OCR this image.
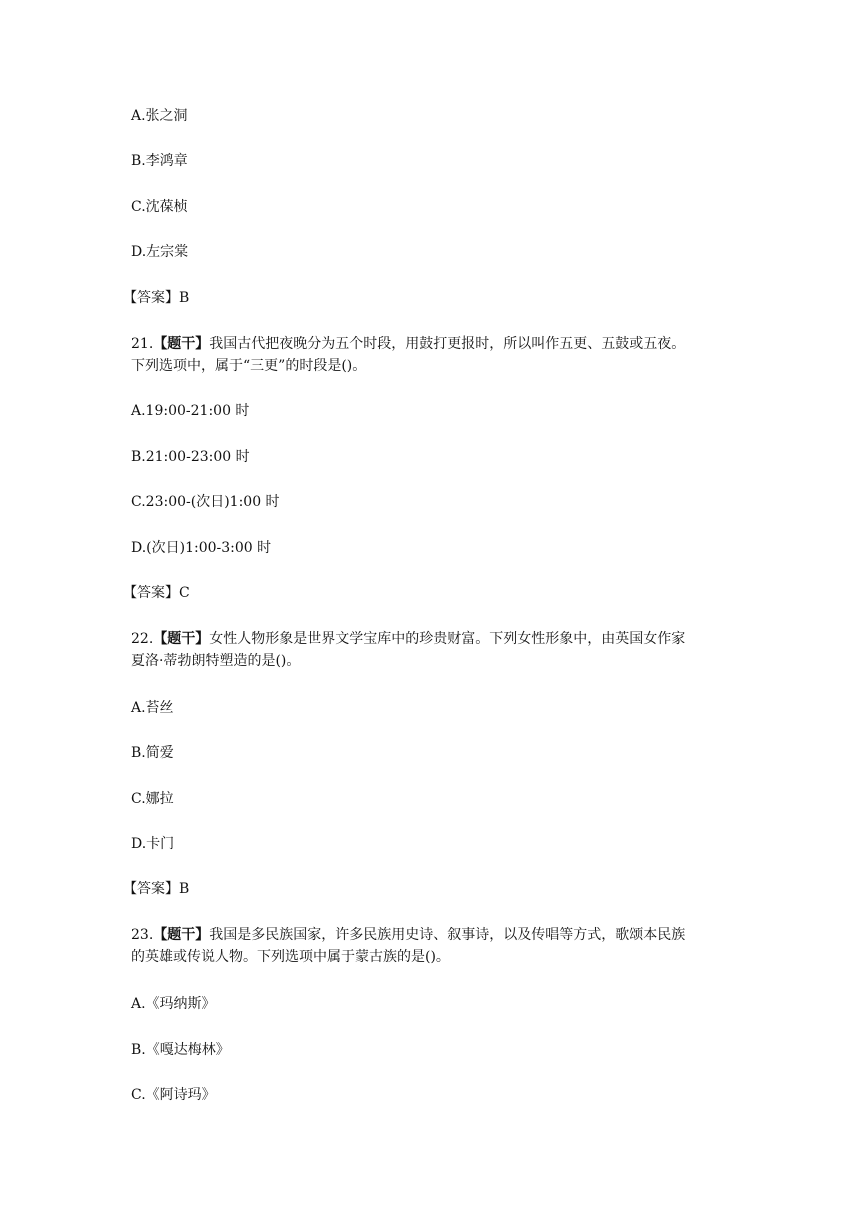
A.张之洞
B.李鸿章
C.沈葆桢
D.左宗棠
【答案】B
21.【题干】我国古代把夜晚分为五个时段，用鼓打更报时，所以叫作五更、五鼓或五夜。
下列选项中，属于“三更”的时段是()。
A.19:00-21:00 时
B.21:00-23:00 时
C.23:00-(次日)1:00 时
D.(次日)1:00-3:00 时
【答案】C
22.【题干】女性人物形象是世界文学宝库中的珍贵财富。下列女性形象中，由英国女作家
夏洛·蒂勃朗特塑造的是()。
A.苔丝
B.简爱
C.娜拉
D.卡门
【答案】B
23.【题干】我国是多民族国家，许多民族用史诗、叙事诗，以及传唱等方式，歌颂本民族
的英雄或传说人物。下列选项中属于蒙古族的是()。
A.《玛纳斯》
B.《嘎达梅林》
C.《阿诗玛》
